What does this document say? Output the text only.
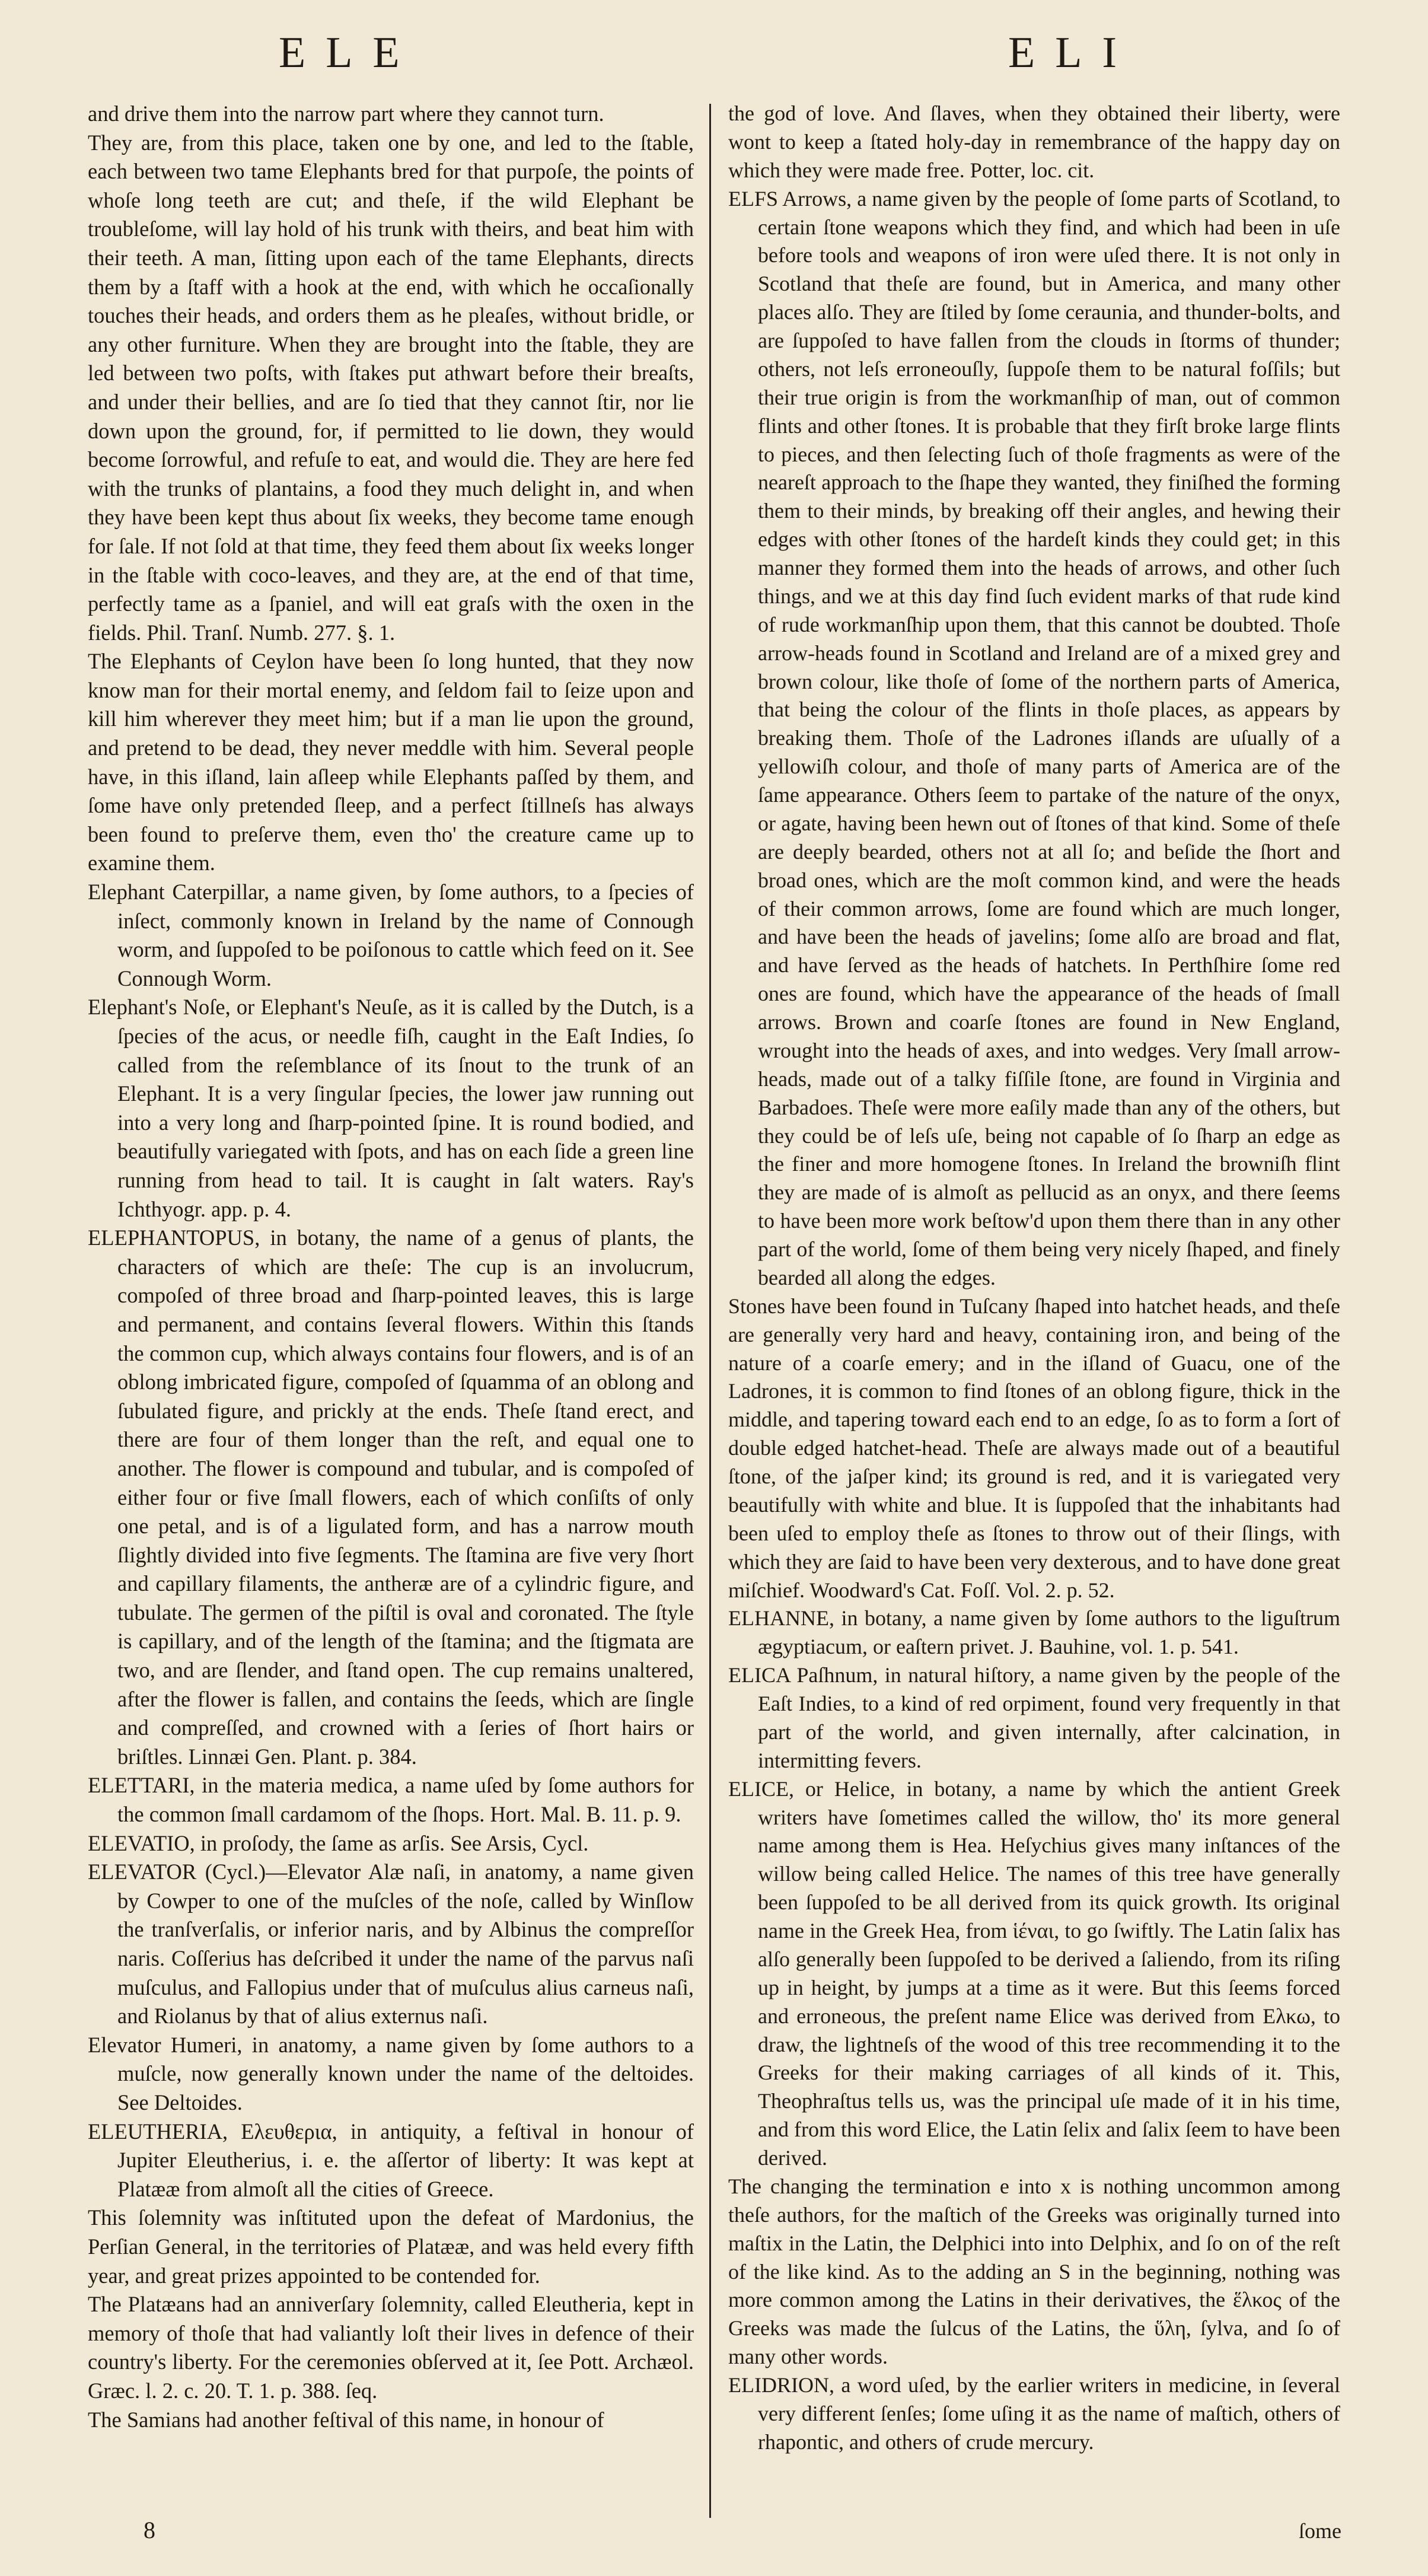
ELE	ELI

and drive them into the narrow part where they cannot turn.

They are, from this place, taken one by one, and led to the ſtable, each between two tame Elephants bred for that purpoſe, the points of whoſe long teeth are cut; and theſe, if the wild Elephant be troubleſome, will lay hold of his trunk with theirs, and beat him with their teeth. A man, ſitting upon each of the tame Elephants, directs them by a ſtaff with a hook at the end, with which he occaſionally touches their heads, and orders them as he pleaſes, without bridle, or any other furniture. When they are brought into the ſtable, they are led between two poſts, with ſtakes put athwart before their breaſts, and under their bellies, and are ſo tied that they cannot ſtir, nor lie down upon the ground, for, if permitted to lie down, they would become ſorrowful, and refuſe to eat, and would die. They are here fed with the trunks of plantains, a food they much delight in, and when they have been kept thus about ſix weeks, they become tame enough for ſale. If not ſold at that time, they feed them about ſix weeks longer in the ſtable with coco-leaves, and they are, at the end of that time, perfectly tame as a ſpaniel, and will eat graſs with the oxen in the fields. Phil. Tranſ. Numb. 277. §. 1.

The Elephants of Ceylon have been ſo long hunted, that they now know man for their mortal enemy, and ſeldom fail to ſeize upon and kill him wherever they meet him; but if a man lie upon the ground, and pretend to be dead, they never meddle with him. Several people have, in this iſland, lain aſleep while Elephants paſſed by them, and ſome have only pretended ſleep, and a perfect ſtillneſs has always been found to preſerve them, even tho' the creature came up to examine them.

Elephant Caterpillar, a name given, by ſome authors, to a ſpecies of inſect, commonly known in Ireland by the name of Connough worm, and ſuppoſed to be poiſonous to cattle which feed on it. See Connough Worm.

Elephant's Noſe, or Elephant's Neuſe, as it is called by the Dutch, is a ſpecies of the acus, or needle fiſh, caught in the Eaſt Indies, ſo called from the reſemblance of its ſnout to the trunk of an Elephant. It is a very ſingular ſpecies, the lower jaw running out into a very long and ſharp-pointed ſpine. It is round bodied, and beautifully variegated with ſpots, and has on each ſide a green line running from head to tail. It is caught in ſalt waters. Ray's Ichthyogr. app. p. 4.

ELEPHANTOPUS, in botany, the name of a genus of plants, the characters of which are theſe: The cup is an involucrum, compoſed of three broad and ſharp-pointed leaves, this is large and permanent, and contains ſeveral flowers. Within this ſtands the common cup, which always contains four flowers, and is of an oblong imbricated figure, compoſed of ſquamma of an oblong and ſubulated figure, and prickly at the ends. Theſe ſtand erect, and there are four of them longer than the reſt, and equal one to another. The flower is compound and tubular, and is compoſed of either four or five ſmall flowers, each of which conſiſts of only one petal, and is of a ligulated form, and has a narrow mouth ſlightly divided into five ſegments. The ſtamina are five very ſhort and capillary filaments, the antheræ are of a cylindric figure, and tubulate. The germen of the piſtil is oval and coronated. The ſtyle is capillary, and of the length of the ſtamina; and the ſtigmata are two, and are ſlender, and ſtand open. The cup remains unaltered, after the flower is fallen, and contains the ſeeds, which are ſingle and compreſſed, and crowned with a ſeries of ſhort hairs or briſtles. Linnæi Gen. Plant. p. 384.

ELETTARI, in the materia medica, a name uſed by ſome authors for the common ſmall cardamom of the ſhops. Hort. Mal. B. 11. p. 9.

ELEVATIO, in proſody, the ſame as arſis. See Arsis, Cycl.

ELEVATOR (Cycl.)—Elevator Alæ naſi, in anatomy, a name given by Cowper to one of the muſcles of the noſe, called by Winſlow the tranſverſalis, or inferior naris, and by Albinus the compreſſor naris. Coſſerius has deſcribed it under the name of the parvus naſi muſculus, and Fallopius under that of muſculus alius carneus naſi, and Riolanus by that of alius externus naſi.

Elevator Humeri, in anatomy, a name given by ſome authors to a muſcle, now generally known under the name of the deltoides. See Deltoides.

ELEUTHERIA, Ελευθερια, in antiquity, a feſtival in honour of Jupiter Eleutherius, i. e. the aſſertor of liberty: It was kept at Platææ from almoſt all the cities of Greece.

This ſolemnity was inſtituted upon the defeat of Mardonius, the Perſian General, in the territories of Platææ, and was held every fifth year, and great prizes appointed to be contended for.

The Platæans had an anniverſary ſolemnity, called Eleutheria, kept in memory of thoſe that had valiantly loſt their lives in defence of their country's liberty. For the ceremonies obſerved at it, ſee Pott. Archæol. Græc. l. 2. c. 20. T. 1. p. 388. ſeq.

The Samians had another feſtival of this name, in honour of

the god of love. And ſlaves, when they obtained their liberty, were wont to keep a ſtated holy-day in remembrance of the happy day on which they were made free. Potter, loc. cit.

ELFS Arrows, a name given by the people of ſome parts of Scotland, to certain ſtone weapons which they find, and which had been in uſe before tools and weapons of iron were uſed there. It is not only in Scotland that theſe are found, but in America, and many other places alſo. They are ſtiled by ſome ceraunia, and thunder-bolts, and are ſuppoſed to have fallen from the clouds in ſtorms of thunder; others, not leſs erroneouſly, ſuppoſe them to be natural foſſils; but their true origin is from the workmanſhip of man, out of common flints and other ſtones. It is probable that they firſt broke large flints to pieces, and then ſelecting ſuch of thoſe fragments as were of the neareſt approach to the ſhape they wanted, they finiſhed the forming them to their minds, by breaking off their angles, and hewing their edges with other ſtones of the hardeſt kinds they could get; in this manner they formed them into the heads of arrows, and other ſuch things, and we at this day find ſuch evident marks of that rude kind of rude workmanſhip upon them, that this cannot be doubted. Thoſe arrow-heads found in Scotland and Ireland are of a mixed grey and brown colour, like thoſe of ſome of the northern parts of America, that being the colour of the flints in thoſe places, as appears by breaking them. Thoſe of the Ladrones iſlands are uſually of a yellowiſh colour, and thoſe of many parts of America are of the ſame appearance. Others ſeem to partake of the nature of the onyx, or agate, having been hewn out of ſtones of that kind. Some of theſe are deeply bearded, others not at all ſo; and beſide the ſhort and broad ones, which are the moſt common kind, and were the heads of their common arrows, ſome are found which are much longer, and have been the heads of javelins; ſome alſo are broad and flat, and have ſerved as the heads of hatchets. In Perthſhire ſome red ones are found, which have the appearance of the heads of ſmall arrows. Brown and coarſe ſtones are found in New England, wrought into the heads of axes, and into wedges. Very ſmall arrow-heads, made out of a talky fiſſile ſtone, are found in Virginia and Barbadoes. Theſe were more eaſily made than any of the others, but they could be of leſs uſe, being not capable of ſo ſharp an edge as the finer and more homogene ſtones. In Ireland the browniſh flint they are made of is almoſt as pellucid as an onyx, and there ſeems to have been more work beſtow'd upon them there than in any other part of the world, ſome of them being very nicely ſhaped, and finely bearded all along the edges.

Stones have been found in Tuſcany ſhaped into hatchet heads, and theſe are generally very hard and heavy, containing iron, and being of the nature of a coarſe emery; and in the iſland of Guacu, one of the Ladrones, it is common to find ſtones of an oblong figure, thick in the middle, and tapering toward each end to an edge, ſo as to form a ſort of double edged hatchet-head. Theſe are always made out of a beautiful ſtone, of the jaſper kind; its ground is red, and it is variegated very beautifully with white and blue. It is ſuppoſed that the inhabitants had been uſed to employ theſe as ſtones to throw out of their ſlings, with which they are ſaid to have been very dexterous, and to have done great miſchief. Woodward's Cat. Foſſ. Vol. 2. p. 52.

ELHANNE, in botany, a name given by ſome authors to the liguſtrum ægyptiacum, or eaſtern privet. J. Bauhine, vol. 1. p. 541.

ELICA Paſhnum, in natural hiſtory, a name given by the people of the Eaſt Indies, to a kind of red orpiment, found very frequently in that part of the world, and given internally, after calcination, in intermitting fevers.

ELICE, or Helice, in botany, a name by which the antient Greek writers have ſometimes called the willow, tho' its more general name among them is Hea. Heſychius gives many inſtances of the willow being called Helice. The names of this tree have generally been ſuppoſed to be all derived from its quick growth. Its original name in the Greek Hea, from ἱέναι, to go ſwiftly. The Latin ſalix has alſo generally been ſuppoſed to be derived a ſaliendo, from its riſing up in height, by jumps at a time as it were. But this ſeems forced and erroneous, the preſent name Elice was derived from Ελκω, to draw, the lightneſs of the wood of this tree recommending it to the Greeks for their making carriages of all kinds of it. This, Theophraſtus tells us, was the principal uſe made of it in his time, and from this word Elice, the Latin ſelix and ſalix ſeem to have been derived.

The changing the termination e into x is nothing uncommon among theſe authors, for the maſtich of the Greeks was originally turned into maſtix in the Latin, the Delphici into into Delphix, and ſo on of the reſt of the like kind. As to the adding an S in the beginning, nothing was more common among the Latins in their derivatives, the ἕλκος of the Greeks was made the ſulcus of the Latins, the ὕλη, ſylva, and ſo of many other words.

ELIDRION, a word uſed, by the earlier writers in medicine, in ſeveral very different ſenſes; ſome uſing it as the name of maſtich, others of rhapontic, and others of crude mercury.

8	ſome
